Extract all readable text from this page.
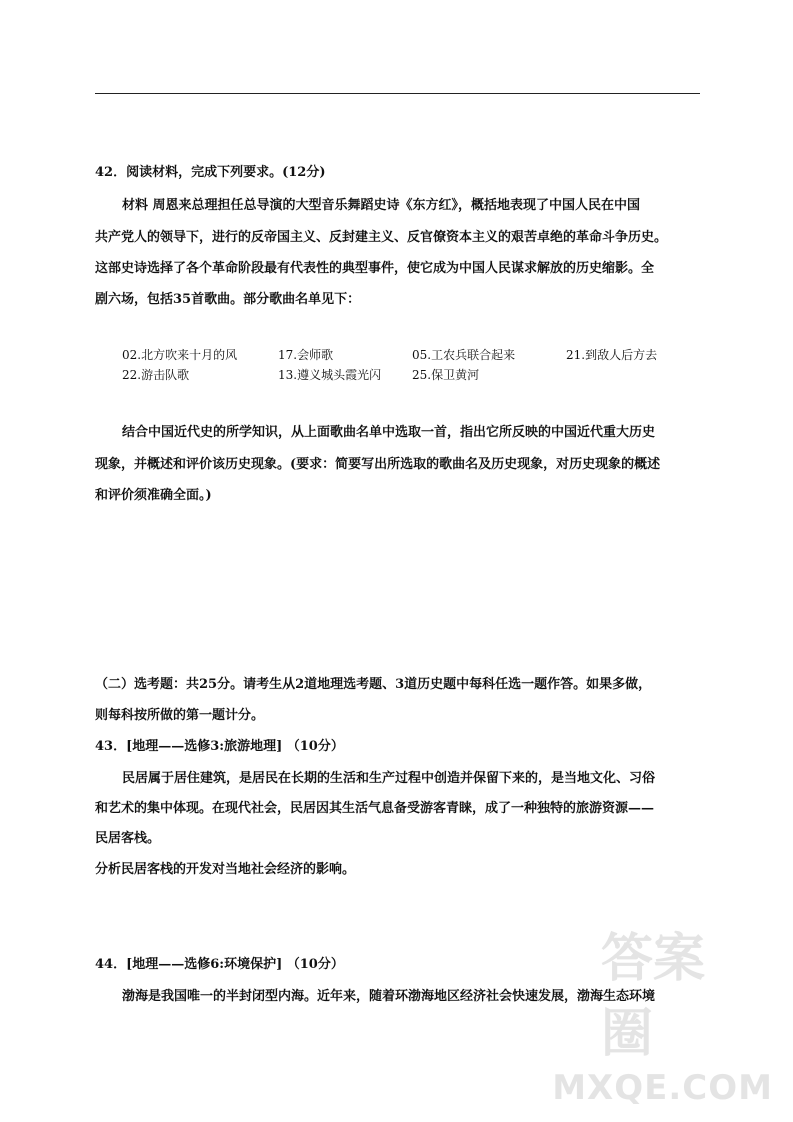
42．阅读材料，完成下列要求。(12分)
材料 周恩来总理担任总导演的大型音乐舞蹈史诗《东方红》，概括地表现了中国人民在中国
共产党人的领导下，进行的反帝国主义、反封建主义、反官僚资本主义的艰苦卓绝的革命斗争历史。
这部史诗选择了各个革命阶段最有代表性的典型事件，使它成为中国人民谋求解放的历史缩影。全
剧六场，包括35首歌曲。部分歌曲名单见下：
02.北方吹来十月的风	17.会师歌	05.工农兵联合起来	21.到敌人后方去
22.游击队歌	13.遵义城头霞光闪	25.保卫黄河
结合中国近代史的所学知识，从上面歌曲名单中选取一首，指出它所反映的中国近代重大历史
现象，并概述和评价该历史现象。(要求：简要写出所选取的歌曲名及历史现象，对历史现象的概述
和评价须准确全面。)
（二）选考题：共25分。请考生从2道地理选考题、3道历史题中每科任选一题作答。如果多做，
则每科按所做的第一题计分。
43．[地理——选修3:旅游地理] （10分）
民居属于居住建筑，是居民在长期的生活和生产过程中创造并保留下来的，是当地文化、习俗
和艺术的集中体现。在现代社会，民居因其生活气息备受游客青睐，成了一种独特的旅游资源——
民居客栈。
分析民居客栈的开发对当地社会经济的影响。
44．[地理——选修6:环境保护] （10分）
渤海是我国唯一的半封闭型内海。近年来，随着环渤海地区经济社会快速发展，渤海生态环境
答案圈
MXQE.COM
